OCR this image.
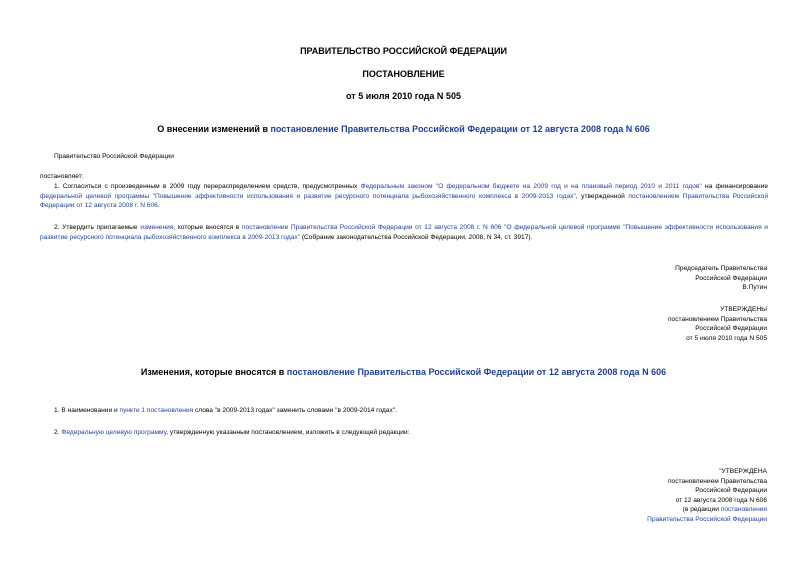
ПРАВИТЕЛЬСТВО РОССИЙСКОЙ ФЕДЕРАЦИИ
ПОСТАНОВЛЕНИЕ
от 5 июля 2010 года N 505
О внесении изменений в постановление Правительства Российской Федерации от 12 августа 2008 года N 606
Правительство Российской Федерации
постановляет:
1. Согласиться с произведенным в 2009 году перераспределением средств, предусмотренных Федеральным законом "О федеральном бюджете на 2009 год и на плановый период 2010 и 2011 годов" на финансирование федеральной целевой программы "Повышение эффективности использования и развитие ресурсного потенциала рыбохозяйственного комплекса в 2009-2013 годах", утвержденной постановлением Правительства Российской Федерации от 12 августа 2008 г. N 606.
2. Утвердить прилагаемые изменения, которые вносятся в постановление Правительства Российской Федерации от 12 августа 2008 г. N 606 "О федеральной целевой программе "Повышение эффективности использования и развитие ресурсного потенциала рыбохозяйственного комплекса в 2009-2013 годах" (Собрание законодательства Российской Федерации, 2008, N 34, ст. 3917).
Председатель Правительства
Российской Федерации
В.Путин
УТВЕРЖДЕНЫ
постановлением Правительства
Российской Федерации
от 5 июля 2010 года N 505
Изменения, которые вносятся в постановление Правительства Российской Федерации от 12 августа 2008 года N 606
1. В наименовании и пункте 1 постановления слова "в 2009-2013 годах" заменить словами "в 2009-2014 годах".
2. Федеральную целевую программу, утвержденную указанным постановлением, изложить в следующей редакции:
"УТВЕРЖДЕНА
постановлением Правительства
Российской Федерации
от 12 августа 2008 года N 606
(в редакции постановления
Правительства Российской Федерации
